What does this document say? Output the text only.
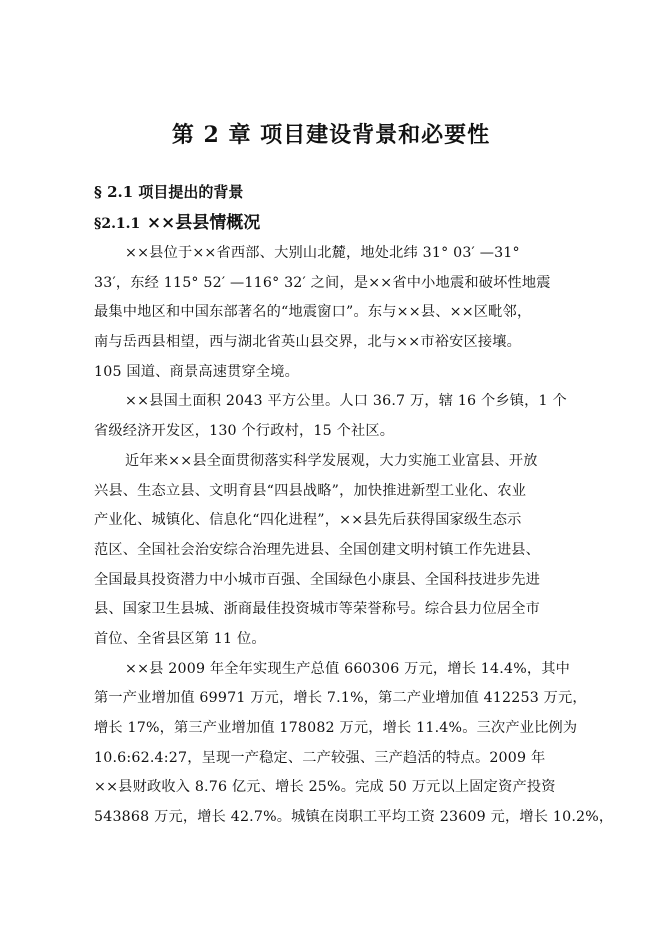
第 2 章 项目建设背景和必要性
§ 2.1 项目提出的背景
§2.1.1 ××县县情概况
××县位于××省西部、大别山北麓，地处北纬 31° 03′ —31°
33′，东经 115° 52′ —116° 32′ 之间，是××省中小地震和破坏性地震
最集中地区和中国东部著名的“地震窗口”。东与××县、××区毗邻，
南与岳西县相望，西与湖北省英山县交界，北与××市裕安区接壤。
105 国道、商景高速贯穿全境。
××县国土面积 2043 平方公里。人口 36.7 万，辖 16 个乡镇，1 个
省级经济开发区，130 个行政村，15 个社区。
近年来××县全面贯彻落实科学发展观，大力实施工业富县、开放
兴县、生态立县、文明育县“四县战略”，加快推进新型工业化、农业
产业化、城镇化、信息化“四化进程”，××县先后获得国家级生态示
范区、全国社会治安综合治理先进县、全国创建文明村镇工作先进县、
全国最具投资潜力中小城市百强、全国绿色小康县、全国科技进步先进
县、国家卫生县城、浙商最佳投资城市等荣誉称号。综合县力位居全市
首位、全省县区第 11 位。
××县 2009 年全年实现生产总值 660306 万元，增长 14.4%，其中
第一产业增加值 69971 万元，增长 7.1%，第二产业增加值 412253 万元，
增长 17%，第三产业增加值 178082 万元，增长 11.4%。三次产业比例为
10.6:62.4:27，呈现一产稳定、二产较强、三产趋活的特点。2009 年
××县财政收入 8.76 亿元、增长 25%。完成 50 万元以上固定资产投资
543868 万元，增长 42.7%。城镇在岗职工平均工资 23609 元，增长 10.2%，
